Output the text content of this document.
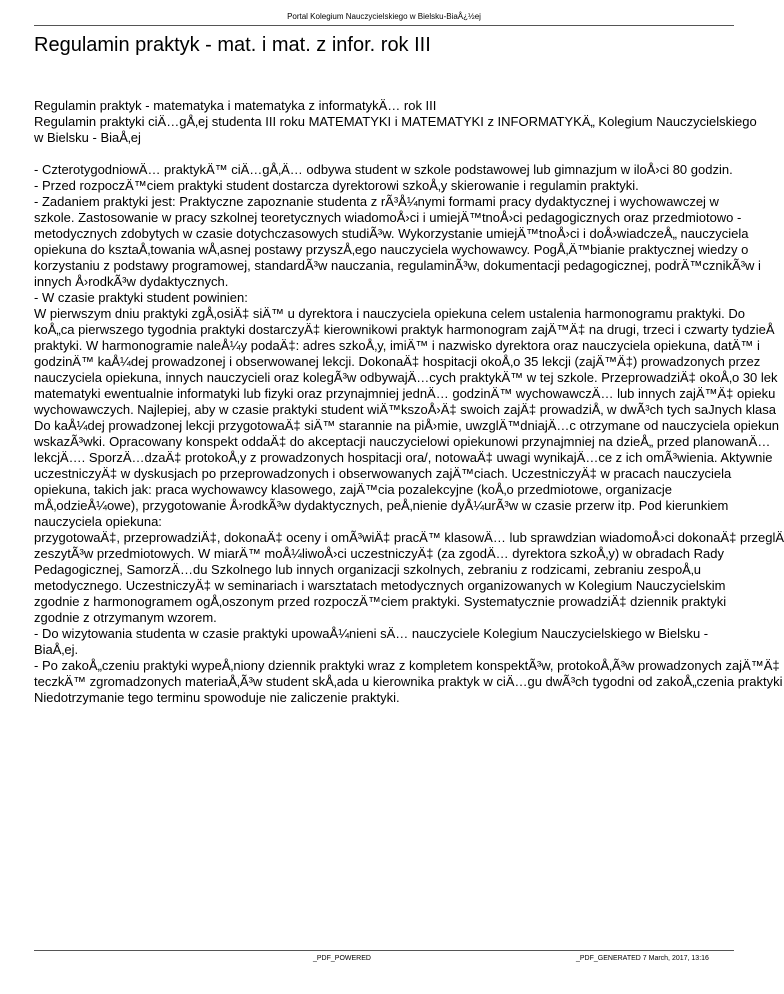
Portal Kolegium Nauczycielskiego w Bielsku-BiaÅ¿½ej
Regulamin praktyk - mat. i mat. z infor. rok III
Regulamin praktyk - matematyka i matematyka z informatykÄ… rok III
Regulamin praktyki ciÄ…gÅ‚ej studenta III roku MATEMATYKI i MATEMATYKI z INFORMATYKÄ„ Kolegium Nauczycielskiego
w Bielsku - BiaÅ‚ej
- CzterotygodniowÄ… praktykÄ™ ciÄ…gÅ‚Ä… odbywa student w szkole podstawowej lub gimnazjum w iloÅ›ci 80 godzin.
- Przed rozpoczÄ™ciem praktyki student dostarcza dyrektorowi szkoÅ‚y skierowanie i regulamin praktyki.
- Zadaniem praktyki jest: Praktyczne zapoznanie studenta z rÃ³Å¼nymi formami pracy dydaktycznej i wychowawczej w
szkole. Zastosowanie w pracy szkolnej teoretycznych wiadomoÅ›ci i umiejÄ™tnoÅ›ci pedagogicznych oraz przedmiotowo -
metodycznych zdobytych w czasie dotychczasowych studiÃ³w. Wykorzystanie umiejÄ™tnoÅ›ci i doÅ›wiadczeÅ„ nauczyciela
opiekuna do ksztaÅ‚towania wÅ‚asnej postawy przyszÅ‚ego nauczyciela wychowawcy. PogÅ‚Ä™bianie praktycznej wiedzy o
korzystaniu z podstawy programowej, standardÃ³w nauczania, regulaminÃ³w, dokumentacji pedagogicznej, podrÄ™cznikÃ³w i
innych Å›rodkÃ³w dydaktycznych.
- W czasie praktyki student powinien:
W pierwszym dniu praktyki zgÅ‚osiÄ‡ siÄ™ u dyrektora i nauczyciela opiekuna celem ustalenia harmonogramu praktyki. Do
koÅ„ca pierwszego tygodnia praktyki dostarczyÄ‡ kierownikowi praktyk harmonogram zajÄ™Ä‡ na drugi, trzeci i czwarty tydzieÅ
praktyki. W harmonogramie naleÅ¼y podaÄ‡: adres szkoÅ‚y, imiÄ™ i nazwisko dyrektora oraz nauczyciela opiekuna, datÄ™ i
godzinÄ™ kaÅ¼dej prowadzonej i obserwowanej lekcji. DokonaÄ‡ hospitacji okoÅ‚o 35 lekcji (zajÄ™Ä‡) prowadzonych przez
nauczyciela opiekuna, innych nauczycieli oraz kolegÃ³w odbywajÄ…cych praktykÄ™ w tej szkole. PrzeprowadziÄ‡ okoÅ‚o 30 lek
matematyki ewentualnie informatyki lub fizyki oraz przynajmniej jednÄ… godzinÄ™ wychowawczÄ… lub innych zajÄ™Ä‡ opieku
wychowawczych. Najlepiej, aby w czasie praktyki student wiÄ™kszoÅ›Ä‡ swoich zajÄ‡ prowadziÅ‚ w dwÃ³ch tych saJnych klasa
Do kaÅ¼dej prowadzonej lekcji przygotowaÄ‡ siÄ™ starannie na piÅ›mie, uwzglÄ™dniajÄ…c otrzymane od nauczyciela opiekun
wskazÃ³wki. Opracowany konspekt oddaÄ‡ do akceptacji nauczycielowi opiekunowi przynajmniej na dzieÅ„ przed planowanÄ…
lekcjÄ…. SporzÄ…dzaÄ‡ protokoÅ‚y z prowadzonych hospitacji ora/, notowaÄ‡ uwagi wynikajÄ…ce z ich omÃ³wienia. Aktywnie
uczestniczyÄ‡ w dyskusjach po przeprowadzonych i obserwowanych zajÄ™ciach. UczestniczyÄ‡ w pracach nauczyciela
opiekuna, takich jak: praca wychowawcy klasowego, zajÄ™cia pozalekcyjne (koÅ‚o przedmiotowe, organizacje
mÅ‚odzieÅ¼owe), przygotowanie Å›rodkÃ³w dydaktycznych, peÅ‚nienie dyÅ¼urÃ³w w czasie przerw itp. Pod kierunkiem
nauczyciela opiekuna:
przygotowaÄ‡, przeprowadziÄ‡, dokonaÄ‡ oceny i omÃ³wiÄ‡ pracÄ™ klasowÄ… lub sprawdzian wiadomoÅ›ci dokonaÄ‡ przeglÄ
zeszytÃ³w przedmiotowych. W miarÄ™ moÅ¼liwoÅ›ci uczestniczyÄ‡ (za zgodÄ… dyrektora szkoÅ‚y) w obradach Rady
Pedagogicznej, SamorzÄ…du Szkolnego lub innych organizacji szkolnych, zebraniu z rodzicami, zebraniu zespoÅ‚u
metodycznego. UczestniczyÄ‡ w seminariach i warsztatach metodycznych organizowanych w Kolegium Nauczycielskim
zgodnie z harmonogramem ogÅ‚oszonym przed rozpoczÄ™ciem praktyki. Systematycznie prowadziÄ‡ dziennik praktyki
zgodnie z otrzymanym wzorem.
- Do wizytowania studenta w czasie praktyki upowaÅ¼nieni sÄ… nauczyciele Kolegium Nauczycielskiego w Bielsku -
BiaÅ‚ej.
- Po zakoÅ„czeniu praktyki wypeÅ‚niony dziennik praktyki wraz z kompletem konspektÃ³w, protokoÅ‚Ã³w prowadzonych zajÄ™Ä‡
teczkÄ™ zgromadzonych materiaÅ‚Ã³w student skÅ‚ada u kierownika praktyk w ciÄ…gu dwÃ³ch tygodni od zakoÅ„czenia praktyki
Niedotrzymanie tego terminu spowoduje nie zaliczenie praktyki.
_PDF_POWERED	_PDF_GENERATED 7 March, 2017, 13:16
